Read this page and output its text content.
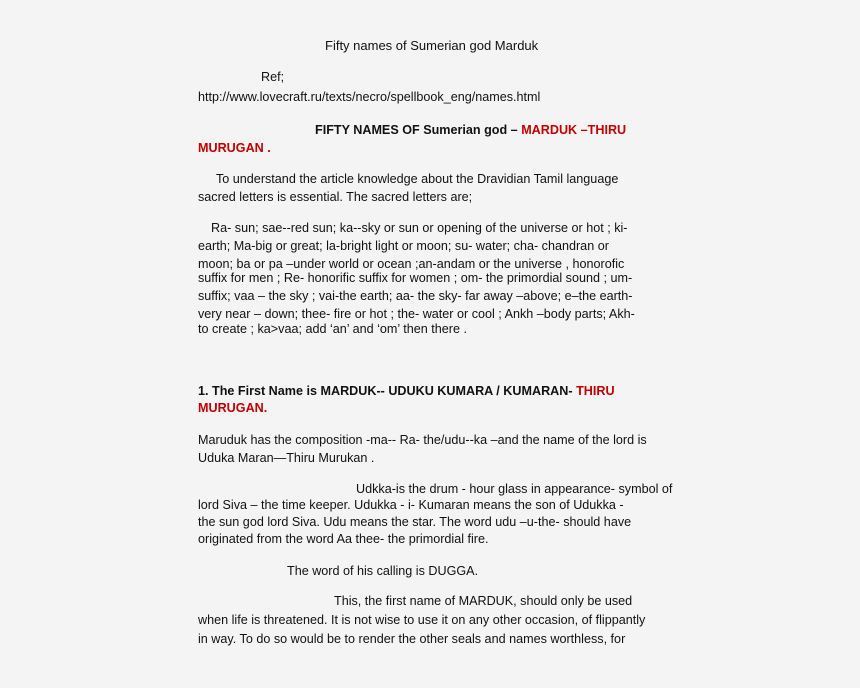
Fifty names of Sumerian god Marduk
Ref;
http://www.lovecraft.ru/texts/necro/spellbook_eng/names.html
FIFTY NAMES OF Sumerian god – MARDUK –THIRU
MURUGAN .
To understand the article knowledge about the Dravidian Tamil language
sacred letters is essential. The sacred letters are;
Ra- sun; sae--red sun; ka--sky or sun or opening of the universe or hot ; ki-
earth; Ma-big or great; la-bright light or moon; su- water; cha- chandran or
moon; ba or pa –under world or ocean ;an-andam or the universe , honorofic
suffix for men ; Re- honorific suffix for women ; om- the primordial sound ; um-
suffix; vaa – the sky ; vai-the earth; aa- the sky- far away –above; e–the earth-
very near – down; thee- fire or hot ; the- water or cool ; Ankh –body parts; Akh-
to create ; ka>vaa; add ‘an’ and ‘om’ then there .
1. The First Name is MARDUK-- UDUKU KUMARA / KUMARAN- THIRU
MURUGAN.
Maruduk has the composition -ma-- Ra- the/udu--ka –and the name of the lord is
Uduka Maran—Thiru Murukan .
Udkka-is the drum - hour glass in appearance- symbol of
lord Siva – the time keeper. Udukka - i- Kumaran means the son of Udukka -
the sun god lord Siva. Udu means the star. The word udu –u-the- should have
originated from the word Aa thee- the primordial fire.
The word of his calling is DUGGA.
This, the first name of MARDUK, should only be used
when life is threatened. It is not wise to use it on any other occasion, of flippantly
in way. To do so would be to render the other seals and names worthless, for
